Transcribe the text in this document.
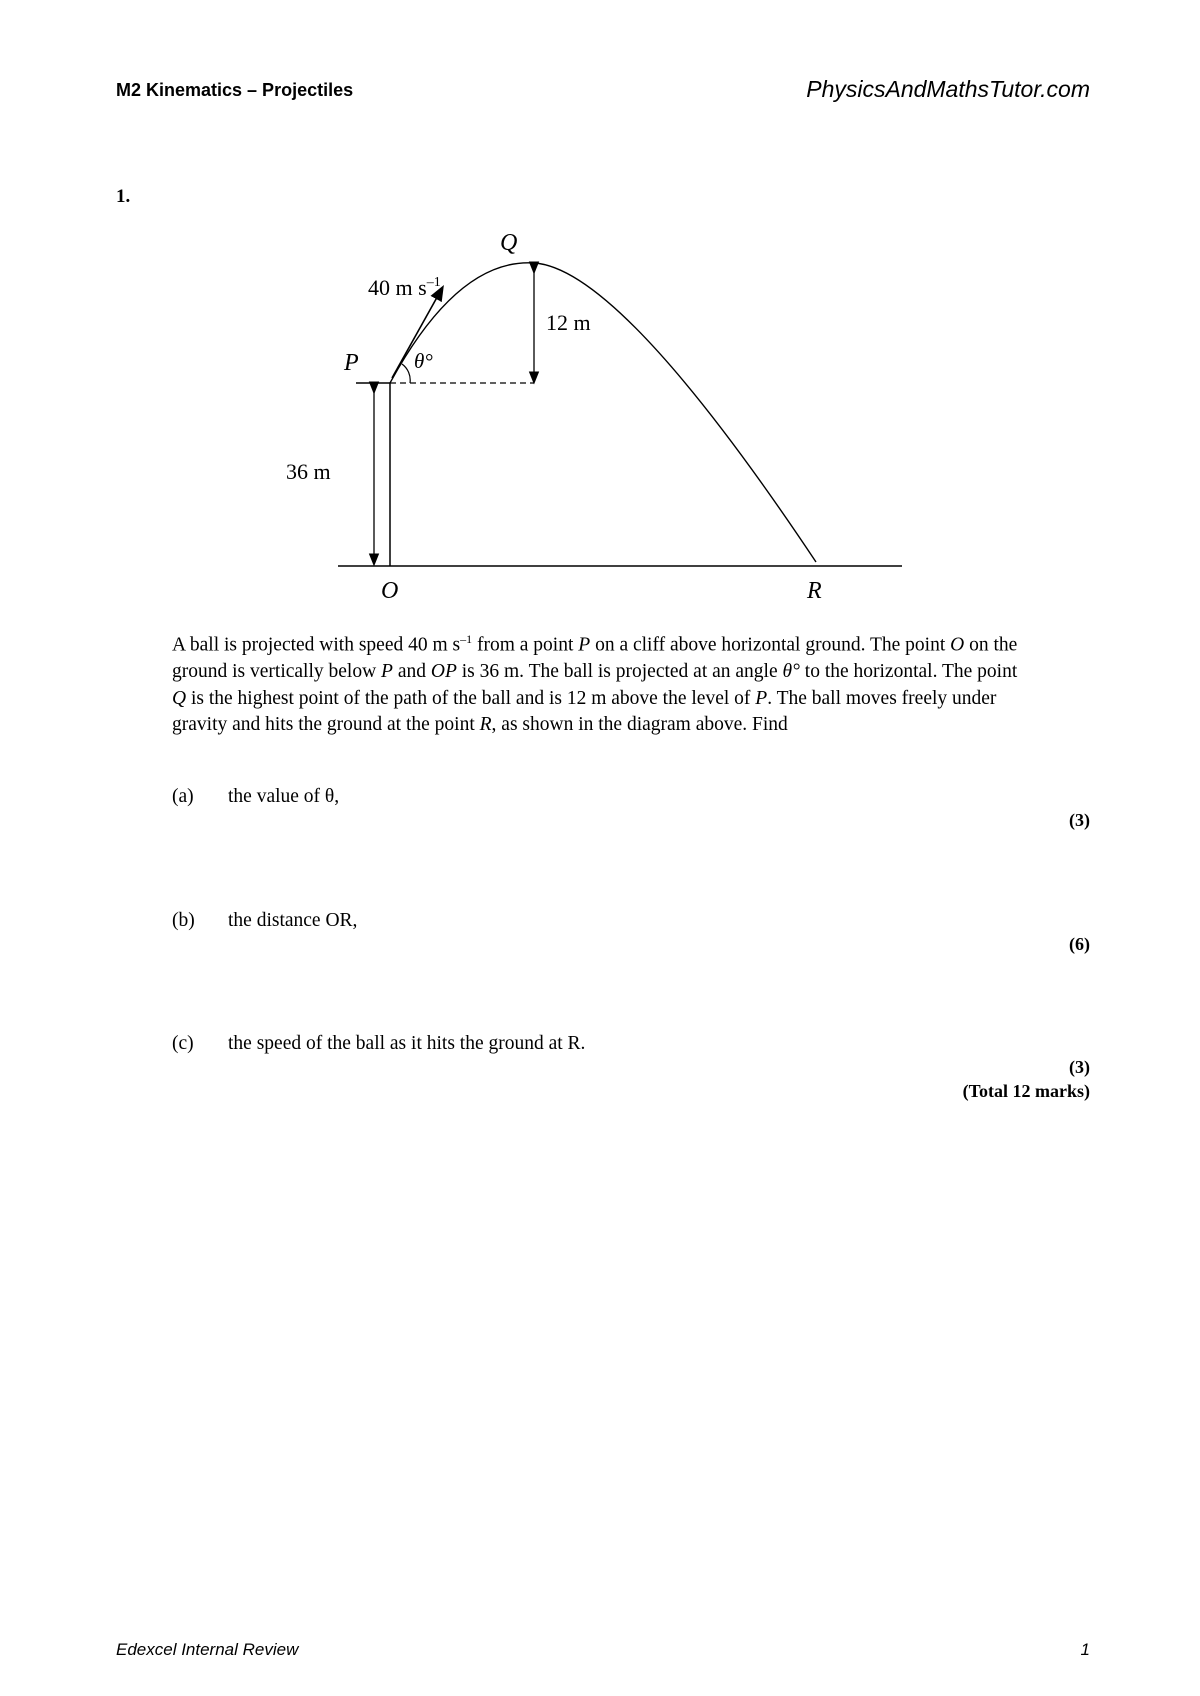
M2 Kinematics – Projectiles	PhysicsAndMathsTutor.com
1.
40 m $s^{-1}$
Q
12 m
P	θ°
36 m
O	R
A ball is projected with speed 40 m $s^{-1}$ from a point P on a cliff above horizontal ground. The point O on the ground is vertically below P and OP is 36 m. The ball is projected at an angle θ° to the horizontal. The point Q is the highest point of the path of the ball and is 12 m above the level of P. The ball moves freely under gravity and hits the ground at the point R, as shown in the diagram above. Find
(a) the value of θ,
(3)
(b) the distance OR,
(6)
(c) the speed of the ball as it hits the ground at R.
(3)
(Total 12 marks)
Edexcel Internal Review	1
